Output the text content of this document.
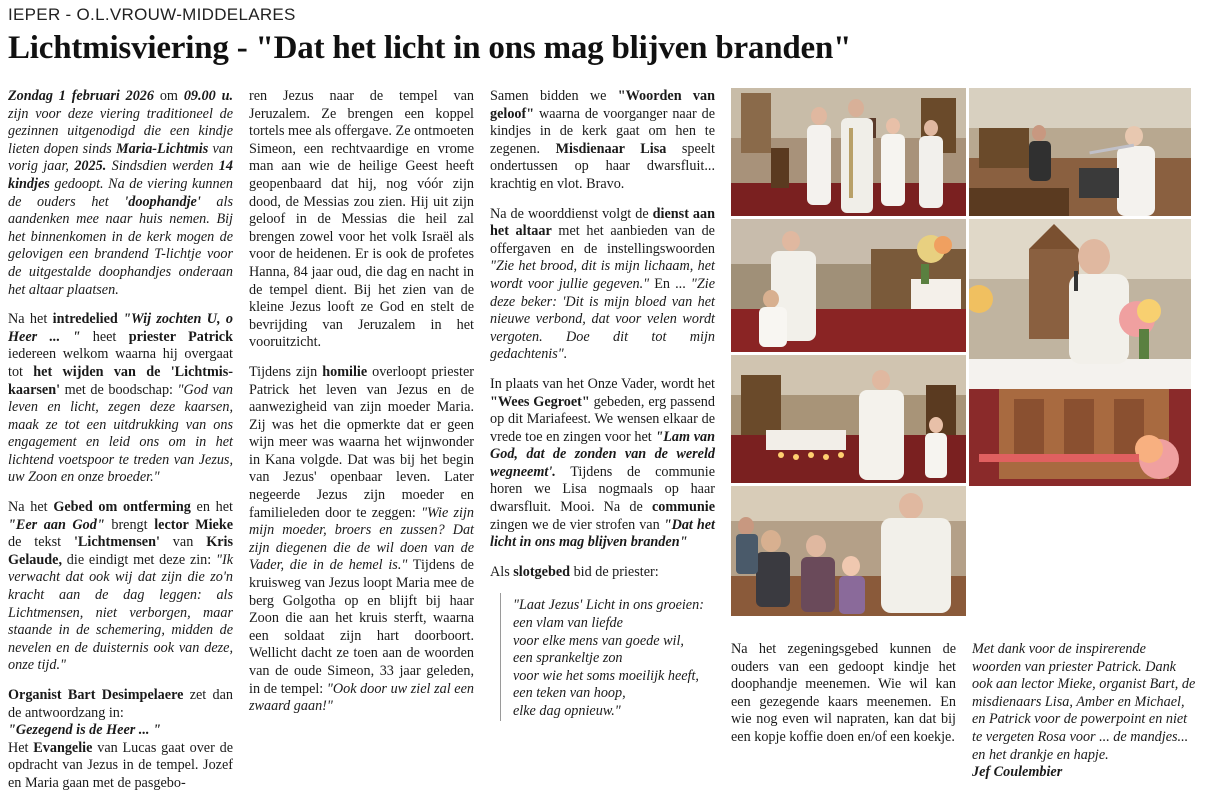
IEPER - O.L.VROUW-MIDDELARES
Lichtmisviering - "Dat het licht in ons mag blijven branden"

Zondag 1 februari 2026 om 09.00 u. zijn voor deze viering traditioneel de gezinnen uitgenodigd die een kindje lieten dopen sinds Maria-Lichtmis van vorig jaar, 2025. Sindsdien werden 14 kindjes gedoopt. Na de viering kunnen de ouders het 'doophandje' als aandenken mee naar huis nemen. Bij het binnenkomen in de kerk mogen de gelovigen een brandend T-lichtje voor de uitgestalde doophandjes onderaan het altaar plaatsen.

Na het intredelied "Wij zochten U, o Heer ... " heet priester Patrick iedereen welkom waarna hij overgaat tot het wijden van de 'Lichtmis-kaarsen' met de boodschap: "God van leven en licht, zegen deze kaarsen, maak ze tot een uitdrukking van ons engagement en leid ons om in het lichtend voetspoor te treden van Jezus, uw Zoon en onze broeder."

Na het Gebed om ontferming en het "Eer aan God" brengt lector Mieke de tekst 'Lichtmensen' van Kris Gelaude, die eindigt met deze zin: "Ik verwacht dat ook wij dat zijn die zo'n kracht aan de dag leggen: als Lichtmensen, niet verborgen, maar staande in de schemering, midden de nevelen en de duisternis ook van deze, onze tijd."

Organist Bart Desimpelaere zet dan de antwoordzang in:
"Gezegend is de Heer ... "
Het Evangelie van Lucas gaat over de opdracht van Jezus in de tempel. Jozef en Maria gaan met de pasgebo-

ren Jezus naar de tempel van Jeruzalem. Ze brengen een koppel tortels mee als offergave. Ze ontmoeten Simeon, een rechtvaardige en vrome man aan wie de heilige Geest heeft geopenbaard dat hij, nog vóór zijn dood, de Messias zou zien. Hij uit zijn geloof in de Messias die heil zal brengen zowel voor het volk Israël als voor de heidenen. Er is ook de profetes Hanna, 84 jaar oud, die dag en nacht in de tempel dient. Bij het zien van de kleine Jezus looft ze God en stelt de bevrijding van Jeruzalem in het vooruitzicht.

Tijdens zijn homilie overloopt priester Patrick het leven van Jezus en de aanwezigheid van zijn moeder Maria. Zij was het die opmerkte dat er geen wijn meer was waarna het wijnwonder in Kana volgde. Dat was bij het begin van Jezus' openbaar leven. Later negeerde Jezus zijn moeder en familieleden door te zeggen: "Wie zijn mijn moeder, broers en zussen? Dat zijn diegenen die de wil doen van de Vader, die in de hemel is." Tijdens de kruisweg van Jezus loopt Maria mee de berg Golgotha op en blijft bij haar Zoon die aan het kruis sterft, waarna een soldaat zijn hart doorboort. Wellicht dacht ze toen aan de woorden van de oude Simeon, 33 jaar geleden, in de tempel: "Ook door uw ziel zal een zwaard gaan!"

Samen bidden we "Woorden van geloof" waarna de voorganger naar de kindjes in de kerk gaat om hen te zegenen. Misdienaar Lisa speelt ondertussen op haar dwarsfluit... krachtig en vlot. Bravo.

Na de woorddienst volgt de dienst aan het altaar met het aanbieden van de offergaven en de instellingswoorden "Zie het brood, dit is mijn lichaam, het wordt voor jullie gegeven." En ... "Zie deze beker: 'Dit is mijn bloed van het nieuwe verbond, dat voor velen wordt vergoten. Doe dit tot mijn gedachtenis".

In plaats van het Onze Vader, wordt het "Wees Gegroet" gebeden, erg passend op dit Mariafeest. We wensen elkaar de vrede toe en zingen voor het "Lam van God, dat de zonden van de wereld wegneemt'. Tijdens de communie horen we Lisa nogmaals op haar dwarsfluit. Mooi. Na de communie zingen we de vier strofen van "Dat het licht in ons mag blijven branden"

Als slotgebed bid de priester:

"Laat Jezus' Licht in ons groeien:
een vlam van liefde
voor elke mens van goede wil,
een sprankeltje zon
voor wie het soms moeilijk heeft,
een teken van hoop,
elke dag opnieuw."
Na het zegeningsgebed kunnen de ouders van een gedoopt kindje het doophandje meenemen. Wie wil kan een gezegende kaars meenemen. En wie nog even wil napraten, kan dat bij een kopje koffie doen en/of een koekje.
Met dank voor de inspirerende woorden van priester Patrick. Dank ook aan lector Mieke, organist Bart, de misdienaars Lisa, Amber en Michael, en Patrick voor de powerpoint en niet te vergeten Rosa voor ... de mandjes... en het drankje en hapje.
Jef Coulembier
